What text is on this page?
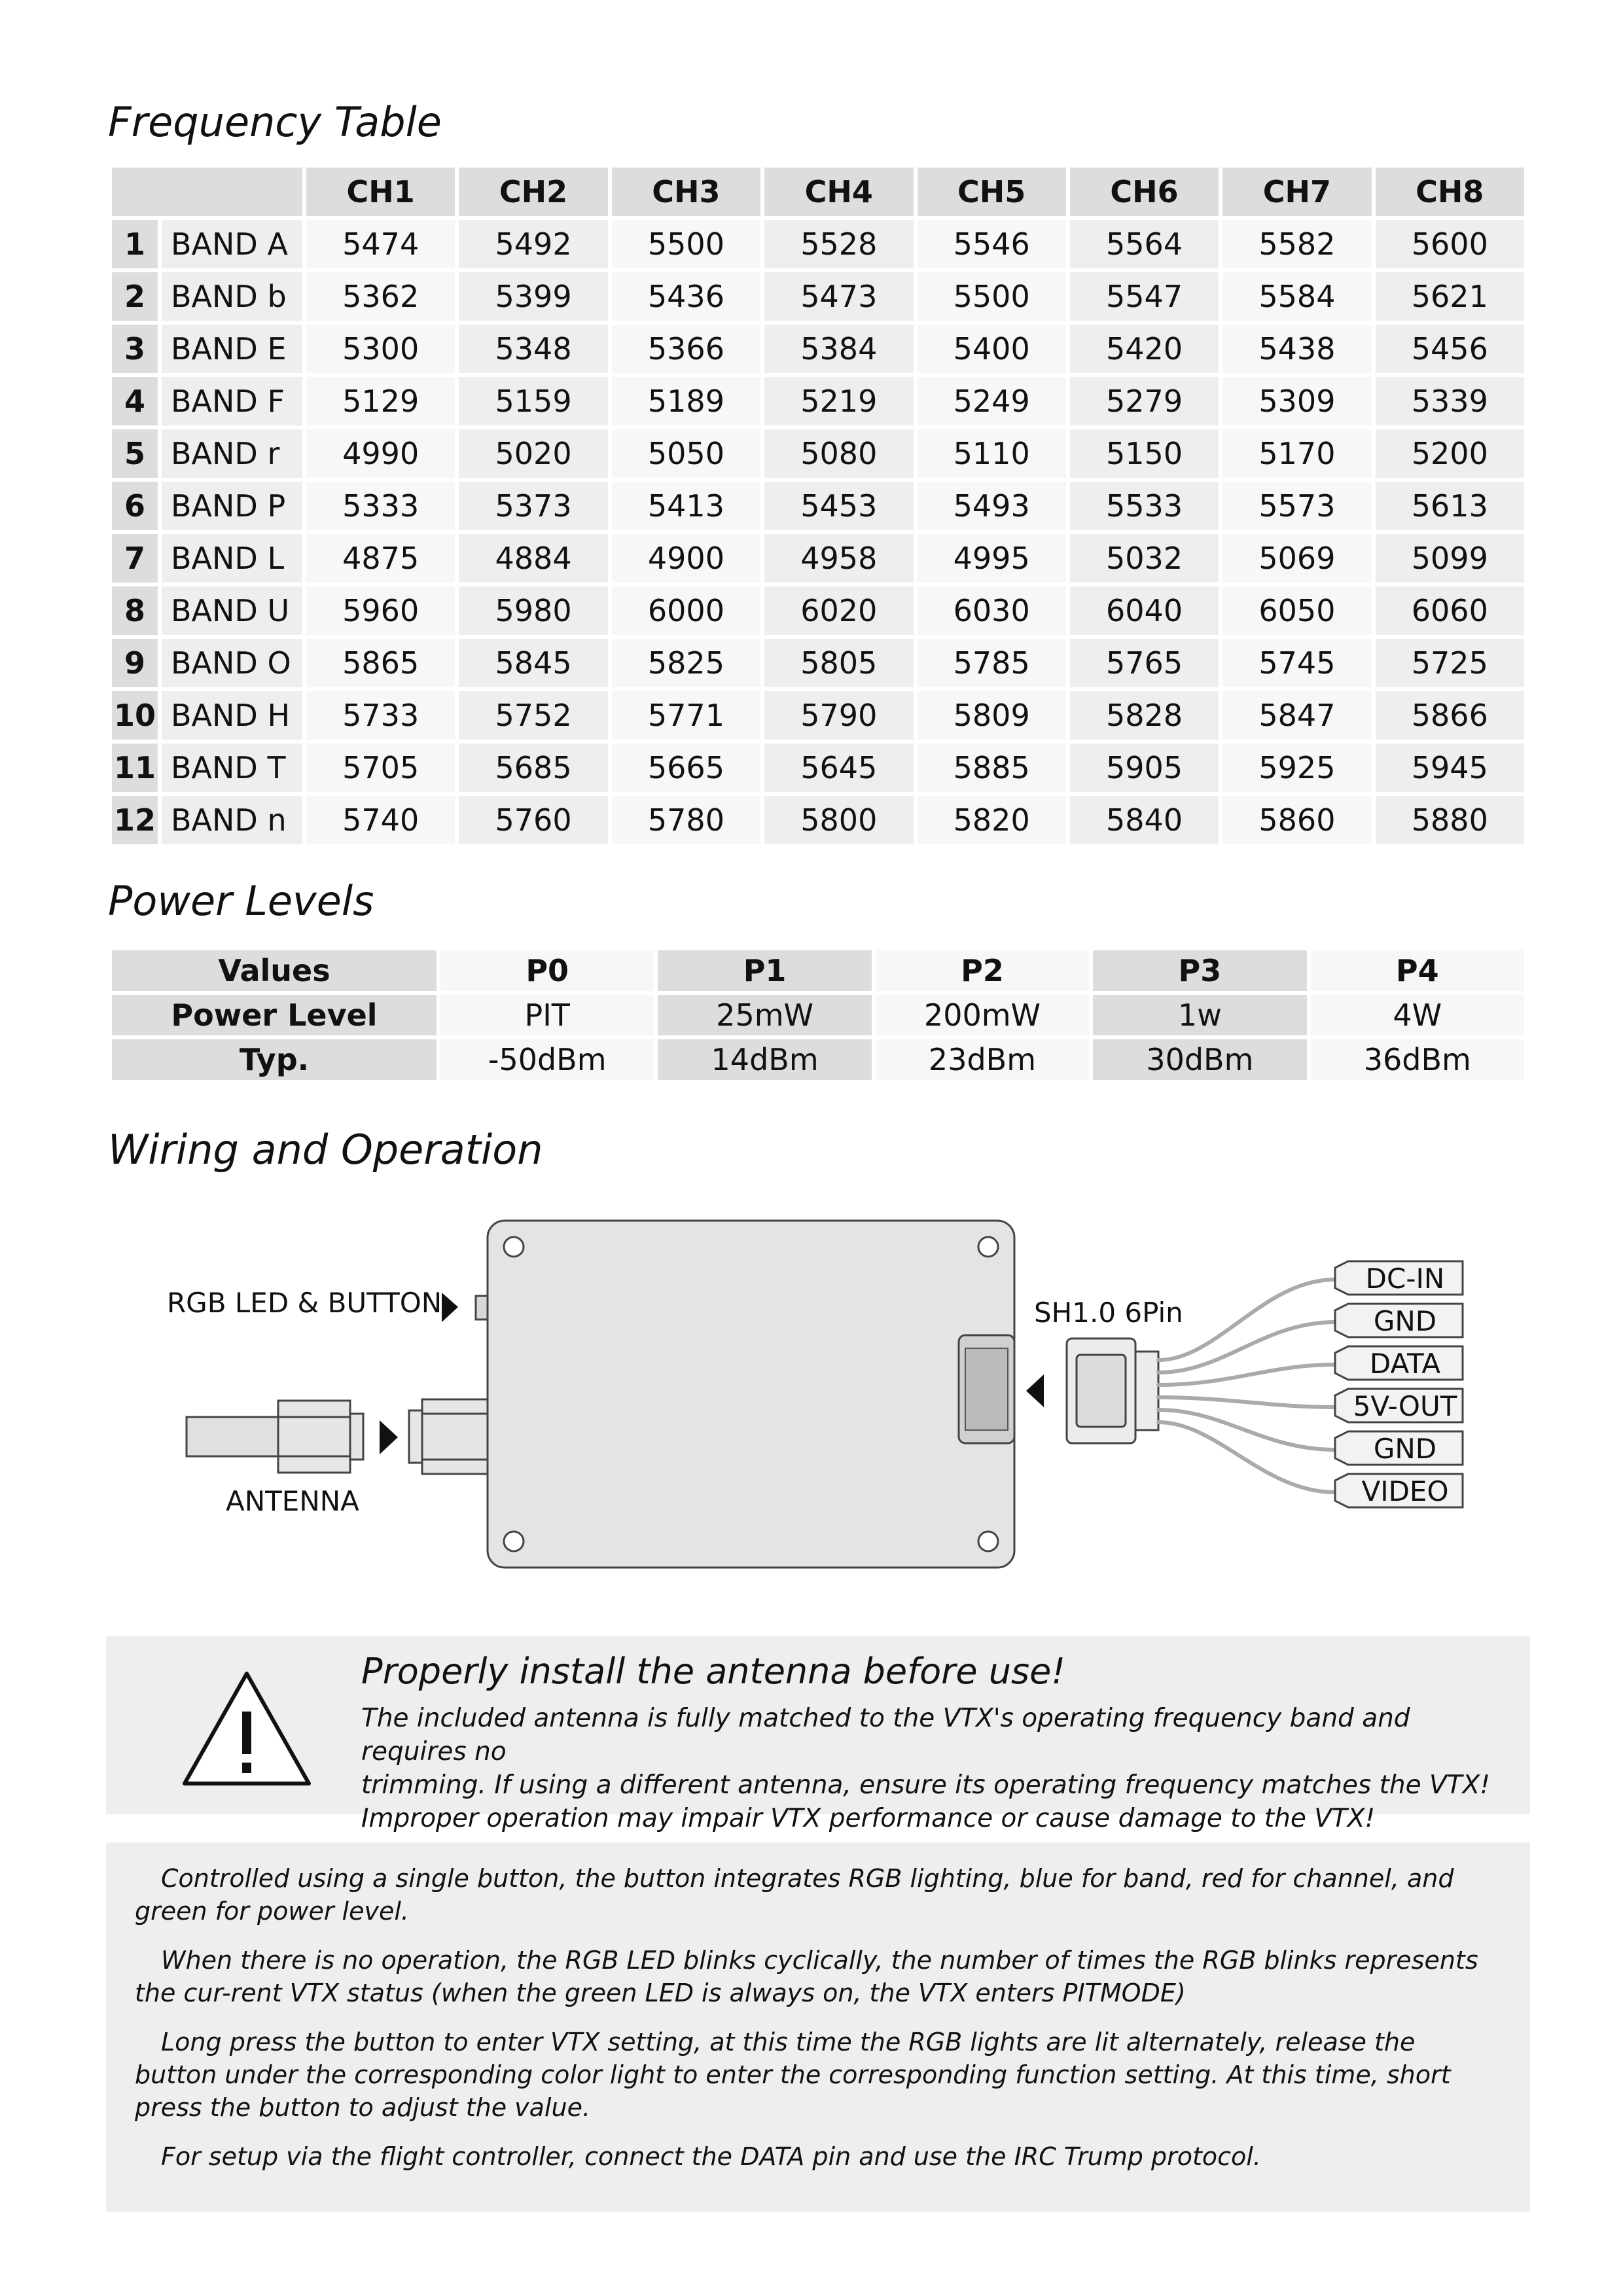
Frequency Table
		CH1	CH2	CH3	CH4	CH5	CH6	CH7	CH8
1	BAND A	5474	5492	5500	5528	5546	5564	5582	5600
2	BAND b	5362	5399	5436	5473	5500	5547	5584	5621
3	BAND E	5300	5348	5366	5384	5400	5420	5438	5456
4	BAND F	5129	5159	5189	5219	5249	5279	5309	5339
5	BAND r	4990	5020	5050	5080	5110	5150	5170	5200
6	BAND P	5333	5373	5413	5453	5493	5533	5573	5613
7	BAND L	4875	4884	4900	4958	4995	5032	5069	5099
8	BAND U	5960	5980	6000	6020	6030	6040	6050	6060
9	BAND O	5865	5845	5825	5805	5785	5765	5745	5725
10	BAND H	5733	5752	5771	5790	5809	5828	5847	5866
11	BAND T	5705	5685	5665	5645	5885	5905	5925	5945
12	BAND n	5740	5760	5780	5800	5820	5840	5860	5880
Power Levels
Values	P0	P1	P2	P3	P4
Power Level	PIT	25mW	200mW	1w	4W
Typ.	-50dBm	14dBm	23dBm	30dBm	36dBm
Wiring and Operation
RGB LED & BUTTON
ANTENNA
SH1.0 6Pin
DC-IN
GND
DATA
5V-OUT
GND
VIDEO
Properly install the antenna before use!

The included antenna is fully matched to the VTX's operating frequency band and requires no
trimming. If using a different antenna, ensure its operating frequency matches the VTX!
Improper operation may impair VTX performance or cause damage to the VTX!

Controlled using a single button, the button integrates RGB lighting, blue for band, red for channel, and green for power level.

When there is no operation, the RGB LED blinks cyclically, the number of times the RGB blinks represents the cur-rent VTX status (when the green LED is always on, the VTX enters PITMODE)

Long press the button to enter VTX setting, at this time the RGB lights are lit alternately, release the button under the corresponding color light to enter the corresponding function setting. At this time, short press the button to adjust the value.

For setup via the flight controller, connect the DATA pin and use the IRC Trump protocol.
